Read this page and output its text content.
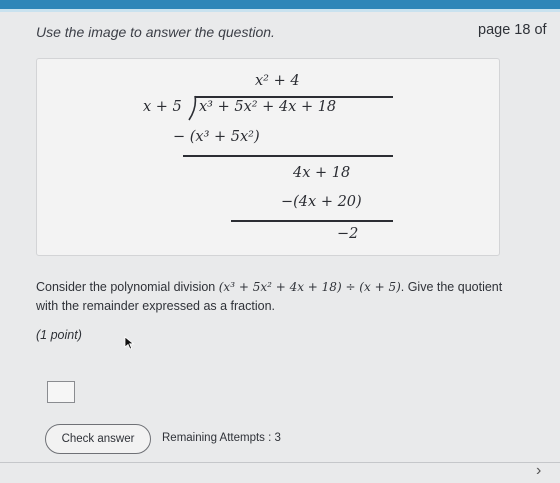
Use the image to answer the question.	page 18 of
x² + 4
x + 5 x³ + 5x² + 4x + 18
− (x³ + 5x²)
4x + 18
−(4x + 20)
−2
Consider the polynomial division (x³ + 5x² + 4x + 18) ÷ (x + 5). Give the quotient with the remainder expressed as a fraction.
(1 point)
Check answer	Remaining Attempts : 3
›
